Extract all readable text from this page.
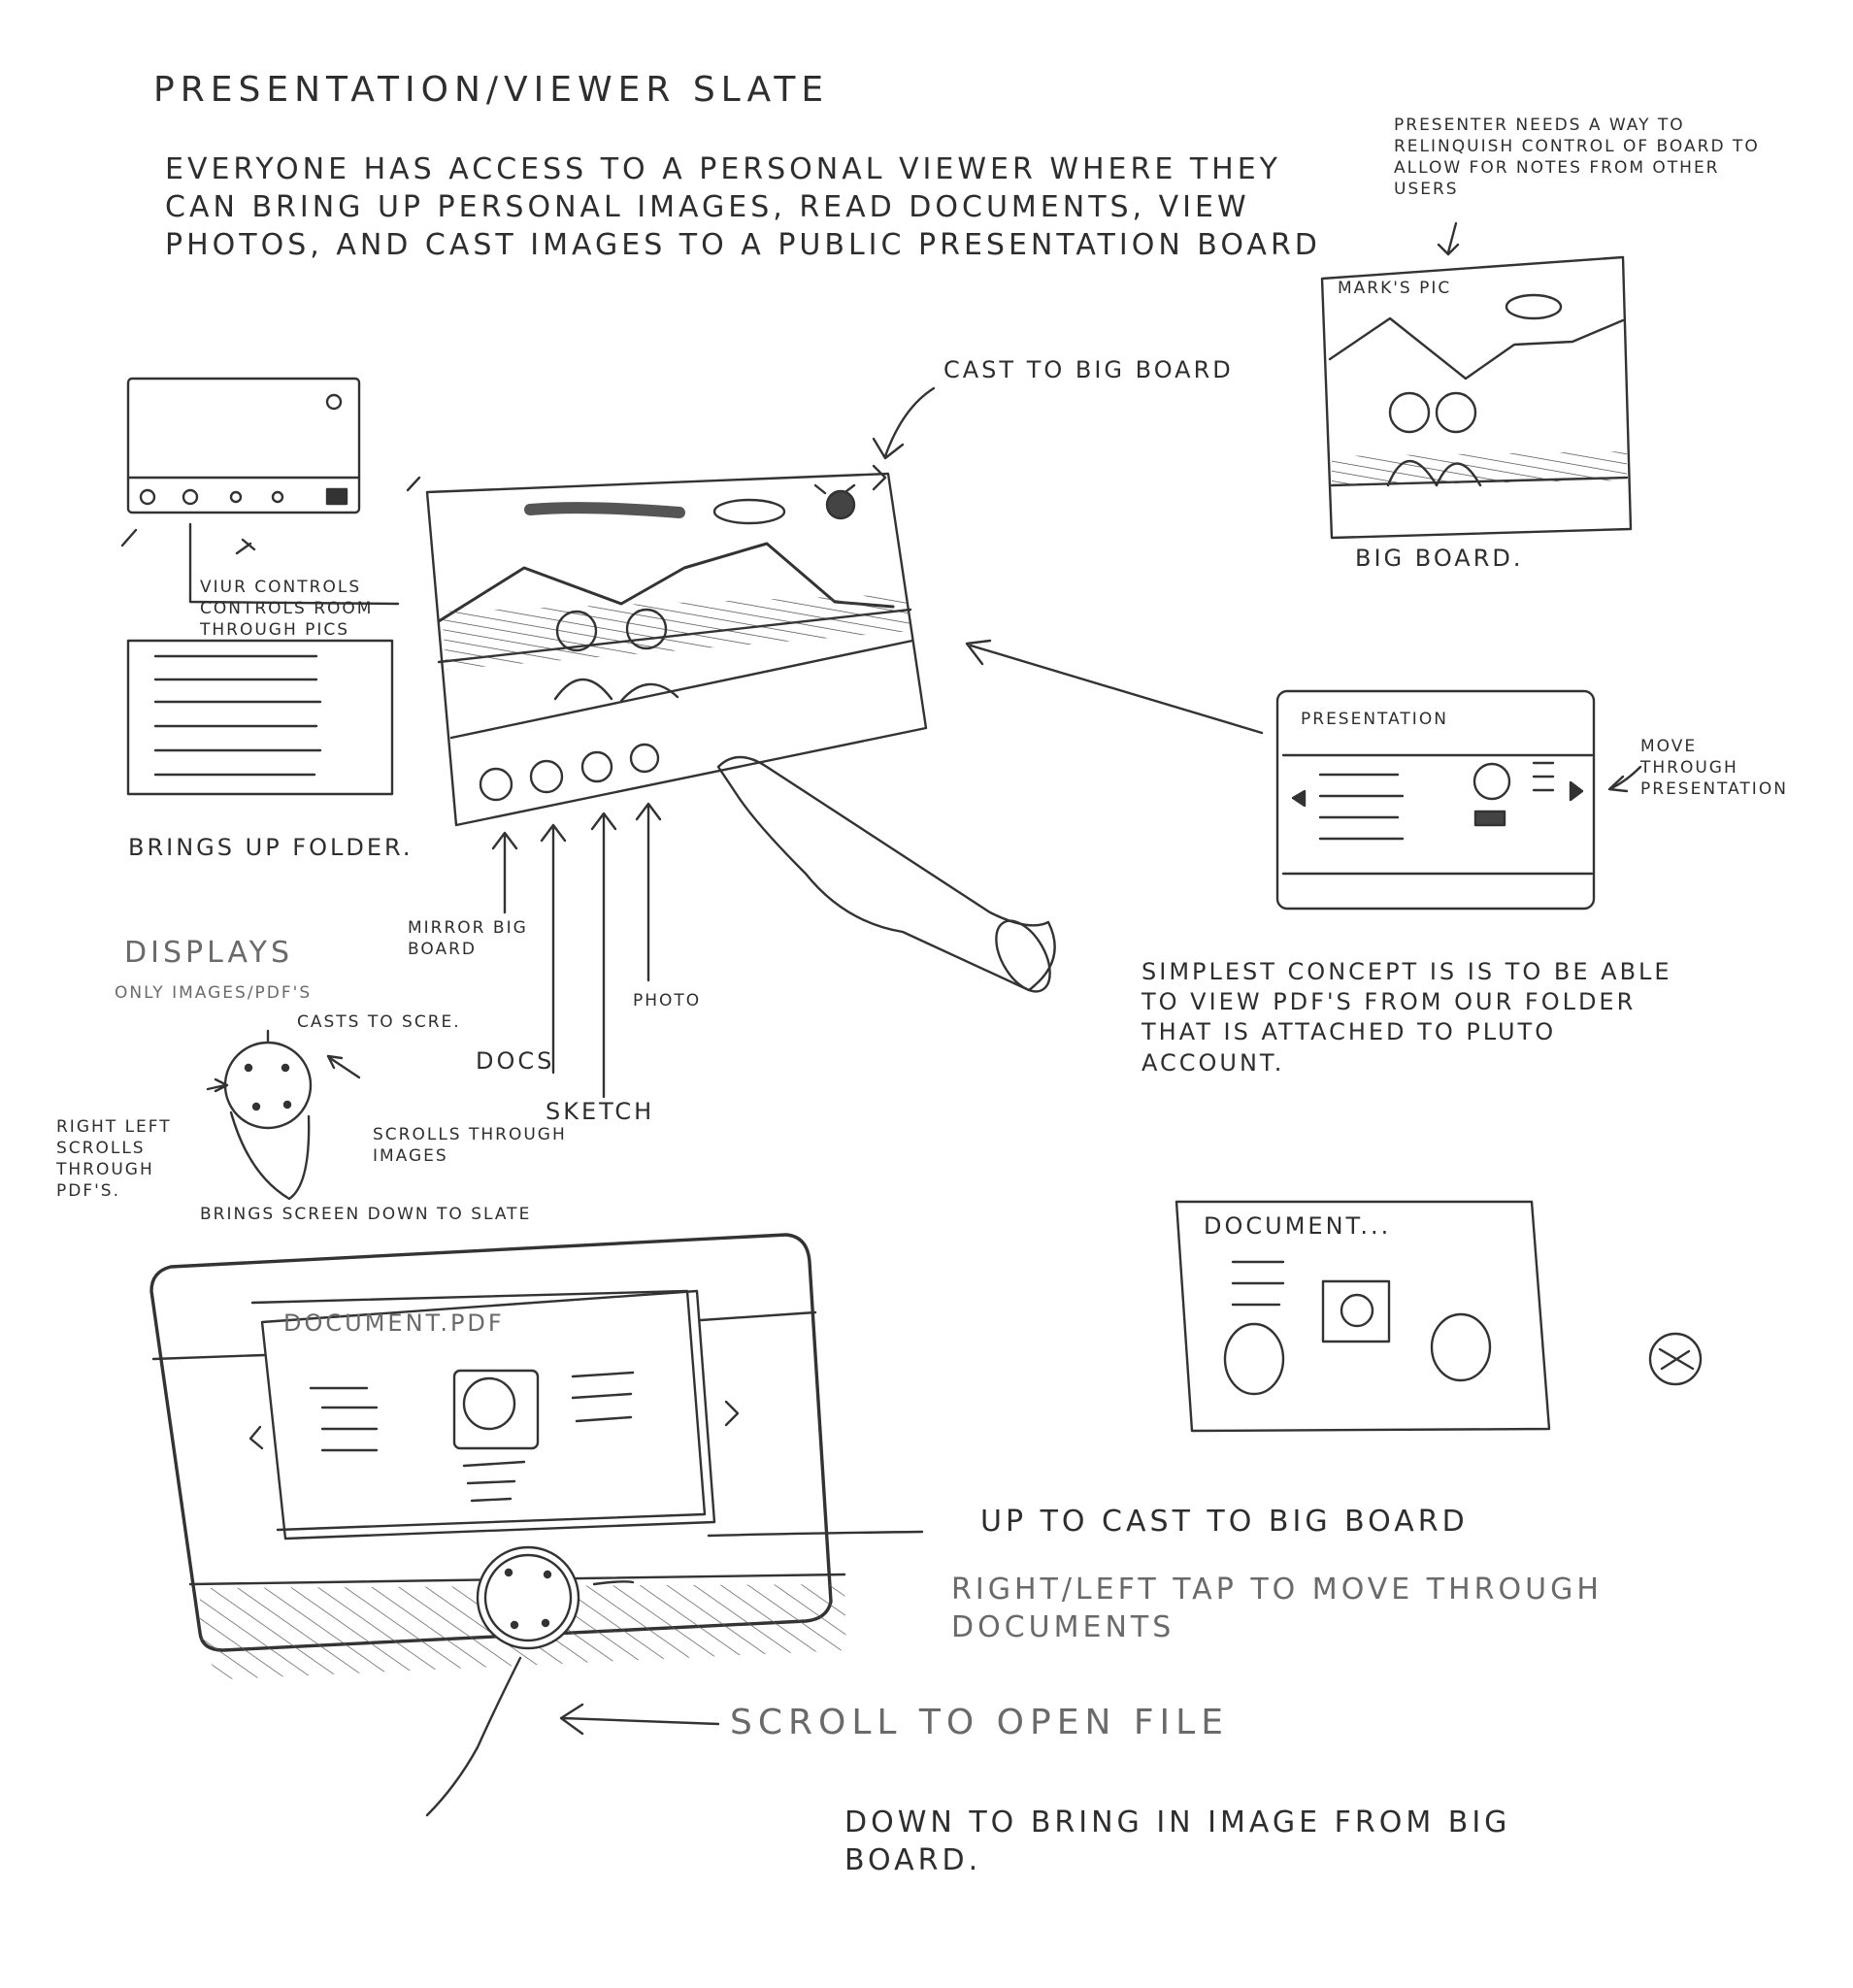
PRESENTATION/VIEWER SLATE

EVERYONE HAS ACCESS TO A PERSONAL VIEWER WHERE THEY CAN BRING UP PERSONAL IMAGES, READ DOCUMENTS, VIEW PHOTOS, AND CAST IMAGES TO A PUBLIC PRESENTATION BOARD

PRESENTER NEEDS A WAY TO RELINQUISH CONTROL OF BOARD TO ALLOW FOR NOTES FROM OTHER USERS

MARK'S PIC
BIG BOARD.
CAST TO BIG BOARD

VIUR CONTROLS CONTROLS ROOM THROUGH PICS

BRINGS UP FOLDER.
DISPLAYS
ONLY IMAGES/PDF'S
MIRROR BIG BOARD
DOCS
SKETCH
PHOTO
CASTS TO SCRE.

RIGHT LEFT SCROLLS THROUGH PDF'S.

SCROLLS THROUGH IMAGES

BRINGS SCREEN DOWN TO SLATE
PRESENTATION

MOVE THROUGH PRESENTATION

SIMPLEST CONCEPT IS IS TO BE ABLE TO VIEW PDF'S FROM OUR FOLDER THAT IS ATTACHED TO PLUTO ACCOUNT.

DOCUMENT...
DOCUMENT.PDF
UP TO CAST TO BIG BOARD

RIGHT/LEFT TAP TO MOVE THROUGH DOCUMENTS

SCROLL TO OPEN FILE

DOWN TO BRING IN IMAGE FROM BIG BOARD.
